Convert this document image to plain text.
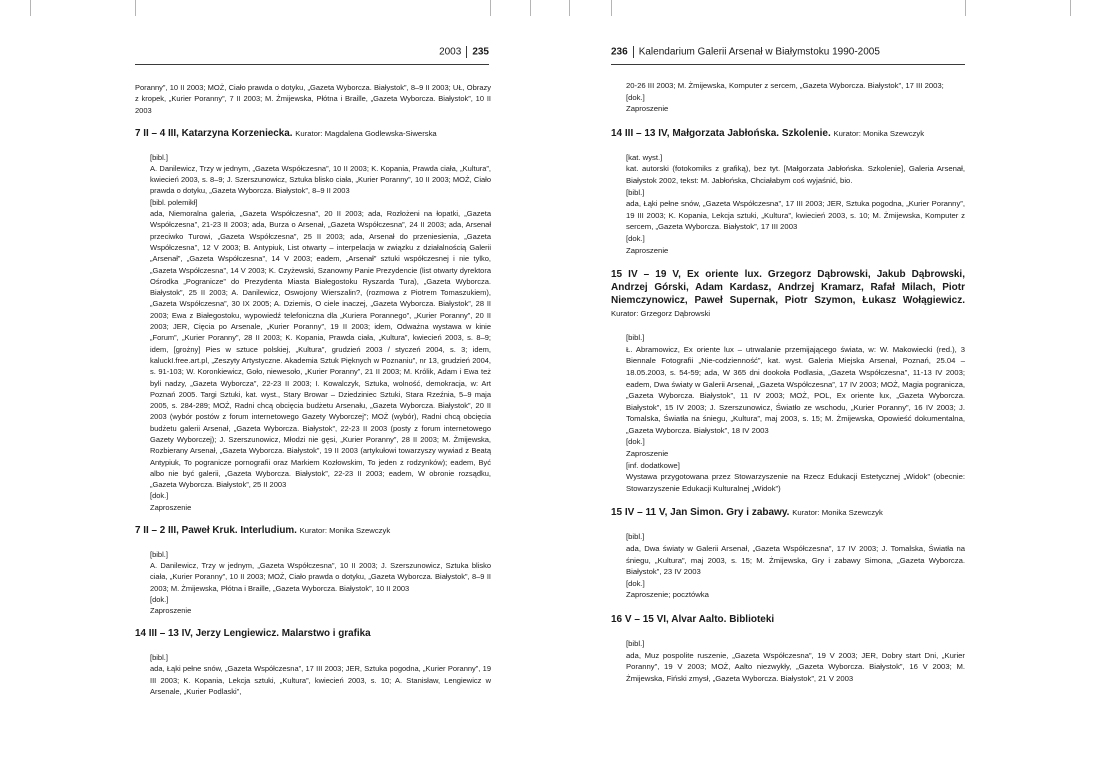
2003 235

Poranny”, 10 II 2003; MOŻ, Ciało prawda o dotyku, „Gazeta Wyborcza. Białystok”, 8–9 II 2003; UŁ, Obrazy z kropek, „Kurier Poranny”, 7 II 2003; M. Żmijewska, Płótna i Braille, „Gazeta Wyborcza. Białystok”, 10 II 2003

7 II – 4 III, Katarzyna Korzeniecka. Kurator: Magdalena Godlewska-Siwerska

[bibl.]

A. Danilewicz, Trzy w jednym, „Gazeta Współczesna”, 10 II 2003; K. Kopania, Prawda ciała, „Kultura”, kwiecień 2003, s. 8–9; J. Szerszunowicz, Sztuka blisko ciała, „Kurier Poranny”, 10 II 2003; MOŻ, Ciało prawda o dotyku, „Gazeta Wyborcza. Białystok”, 8–9 II 2003

[bibl. polemikł]

ada, Niemoralna galeria, „Gazeta Współczesna”, 20 II 2003; ada, Rozłożeni na łopatki, „Gazeta Współczesna”, 21-23 II 2003; ada, Burza o Arsenał, „Gazeta Współczesna”, 24 II 2003; ada, Arsenał przeciwko Turowi, „Gazeta Współczesna”, 25 II 2003; ada, Arsenał do przeniesienia, „Gazeta Współczesna”, 12 V 2003; B. Antypiuk, List otwarty – interpelacja w związku z działalnością Galerii „Arsenał”, „Gazeta Współczesna”, 14 V 2003; eadem, „Arsenał” sztuki współczesnej i nie tylko, „Gazeta Współczesna”, 14 V 2003; K. Czyżewski, Szanowny Panie Prezydencie (list otwarty dyrektora Ośrodka „Pogranicze” do Prezydenta Miasta Białegostoku Ryszarda Tura), „Gazeta Wyborcza. Białystok”, 25 II 2003; A. Danilewicz, Oswojony Wierszalin?, (rozmowa z Piotrem Tomaszukiem), „Gazeta Współczesna”, 30 IX 2005; A. Dziemis, O ciele inaczej, „Gazeta Wyborcza. Białystok”, 28 II 2003; Ewa z Białegostoku, wypowiedź telefoniczna dla „Kuriera Porannego”, „Kurier Poranny”, 20 II 2003; JER, Cięcia po Arsenale, „Kurier Poranny”, 19 II 2003; idem, Odważna wystawa w kinie „Forum”, „Kurier Poranny”, 28 II 2003; K. Kopania, Prawda ciała, „Kultura”, kwiecień 2003, s. 8–9; idem, [grożny] Pies w sztuce polskiej, „Kultura”, grudzień 2003 / styczeń 2004, s. 3; idem, kaluckI.free.art.pl, „Zeszyty Artystyczne. Akademia Sztuk Pięknych w Poznaniu”, nr 13, grudzień 2004, s. 91-103; W. Koronkiewicz, Goło, niewesoło, „Kurier Poranny”, 21 II 2003; M. Królik, Adam i Ewa też byli nadzy, „Gazeta Wyborcza”, 22-23 II 2003; I. Kowalczyk, Sztuka, wolność, demokracja, w: Art Poznań 2005. Targi Sztuki, kat. wyst., Stary Browar – Dziedziniec Sztuki, Stara Rzeźnia, 5–9 maja 2005, s. 284-289; MOŻ, Radni chcą obcięcia budżetu Arsenału, „Gazeta Wyborcza. Białystok”, 20 II 2003 (wybór postów z forum internetowego Gazety Wyborczej”; MOŻ (wybór), Radni chcą obcięcia budżetu galerii Arsenał, „Gazeta Wyborcza. Białystok”, 22-23 II 2003 (posty z forum internetowego Gazety Wyborczej); J. Szerszunowicz, Młodzi nie gęsi, „Kurier Poranny”, 28 II 2003; M. Żmijewska, Rozbierany Arsenał, „Gazeta Wyborcza. Białystok”, 19 II 2003 (artykułowi towarzyszy wywiad z Beatą Antypiuk, To pogranicze pornografii oraz Markiem Kozłowskim, To jeden z rodzynków); eadem, Być albo nie być galerii, „Gazeta Wyborcza. Białystok”, 22-23 II 2003; eadem, W obronie rozsądku, „Gazeta Wyborcza. Białystok”, 25 II 2003

[dok.]

Zaproszenie

7 II – 2 III, Paweł Kruk. Interludium. Kurator: Monika Szewczyk

[bibl.]

A. Danilewicz, Trzy w jednym, „Gazeta Współczesna”, 10 II 2003; J. Szerszunowicz, Sztuka blisko ciała, „Kurier Poranny”, 10 II 2003; MOŻ, Ciało prawda o dotyku, „Gazeta Wyborcza. Białystok”, 8–9 II 2003; M. Żmijewska, Płótna i Braille, „Gazeta Wyborcza. Białystok”, 10 II 2003

[dok.]

Zaproszenie

14 III – 13 IV, Jerzy Lengiewicz. Malarstwo i grafika

[bibl.]

ada, Łąki pełne snów, „Gazeta Współczesna”, 17 III 2003; JER, Sztuka pogodna, „Kurier Poranny”, 19 III 2003; K. Kopania, Lekcja sztuki, „Kultura”, kwiecień 2003, s. 10; A. Stanisław, Lengiewicz w Arsenale, „Kurier Podlaski”,

236 Kalendarium Galerii Arsenał w Białymstoku 1990-2005

20-26 III 2003; M. Żmijewska, Komputer z sercem, „Gazeta Wyborcza. Białystok”, 17 III 2003;

[dok.]

Zaproszenie

14 III – 13 IV, Małgorzata Jabłońska. Szkolenie. Kurator: Monika Szewczyk

[kat. wyst.]

kat. autorski (fotokomiks z grafiką), bez tyt. [Małgorzata Jabłońska. Szkolenie], Galeria Arsenał, Białystok 2002, tekst: M. Jabłońska, Chciałabym coś wyjaśnić, bio.

[bibl.]

ada, Łąki pełne snów, „Gazeta Współczesna”, 17 III 2003; JER, Sztuka pogodna, „Kurier Poranny”, 19 III 2003; K. Kopania, Lekcja sztuki, „Kultura”, kwiecień 2003, s. 10; M. Żmijewska, Komputer z sercem, „Gazeta Wyborcza. Białystok”, 17 III 2003

[dok.]

Zaproszenie

15 IV – 19 V, Ex oriente lux. Grzegorz Dąbrowski, Jakub Dąbrowski, Andrzej Górski, Adam Kardasz, Andrzej Kramarz, Rafał Milach, Piotr Niemczynowicz, Paweł Supernak, Piotr Szymon, Łukasz Wołągiewicz. Kurator: Grzegorz Dąbrowski

[bibl.]

Ł. Abramowicz, Ex oriente lux – utrwalanie przemijającego świata, w: W. Makowiecki (red.), 3 Biennale Fotografii „Nie-codzienność”, kat. wyst. Galeria Miejska Arsenał, Poznań, 25.04 – 18.05.2003, s. 54-59; ada, W 365 dni dookoła Podlasia, „Gazeta Współczesna”, 11-13 IV 2003; eadem, Dwa światy w Galerii Arsenał, „Gazeta Współczesna”, 17 IV 2003; MOŻ, Magia pogranicza, „Gazeta Wyborcza. Białystok”, 11 IV 2003; MOŻ, POL, Ex oriente lux, „Gazeta Wyborcza. Białystok”, 15 IV 2003; J. Szerszunowicz, Światło ze wschodu, „Kurier Poranny”, 16 IV 2003; J. Tomalska, Światła na śniegu, „Kultura”, maj 2003, s. 15; M. Żmijewska, Opowieść dokumentalna, „Gazeta Wyborcza. Białystok”, 18 IV 2003

[dok.]

Zaproszenie

[inf. dodatkowe]

Wystawa przygotowana przez Stowarzyszenie na Rzecz Edukacji Estetycznej „Widok” (obecnie: Stowarzyszenie Edukacji Kulturalnej „Widok”)

15 IV – 11 V, Jan Simon. Gry i zabawy. Kurator: Monika Szewczyk

[bibl.]

ada, Dwa światy w Galerii Arsenał, „Gazeta Współczesna”, 17 IV 2003; J. Tomalska, Światła na śniegu, „Kultura”, maj 2003, s. 15; M. Żmijewska, Gry i zabawy Simona, „Gazeta Wyborcza. Białystok”, 23 IV 2003

[dok.]

Zaproszenie; pocztówka

16 V – 15 VI, Alvar Aalto. Biblioteki

[bibl.]

ada, Muz pospolite ruszenie, „Gazeta Współczesna”, 19 V 2003; JER, Dobry start Dni, „Kurier Poranny”, 19 V 2003; MOŻ, Aalto niezwykły, „Gazeta Wyborcza. Białystok”, 16 V 2003; M. Żmijewska, Fiński zmysł, „Gazeta Wyborcza. Białystok”, 21 V 2003
